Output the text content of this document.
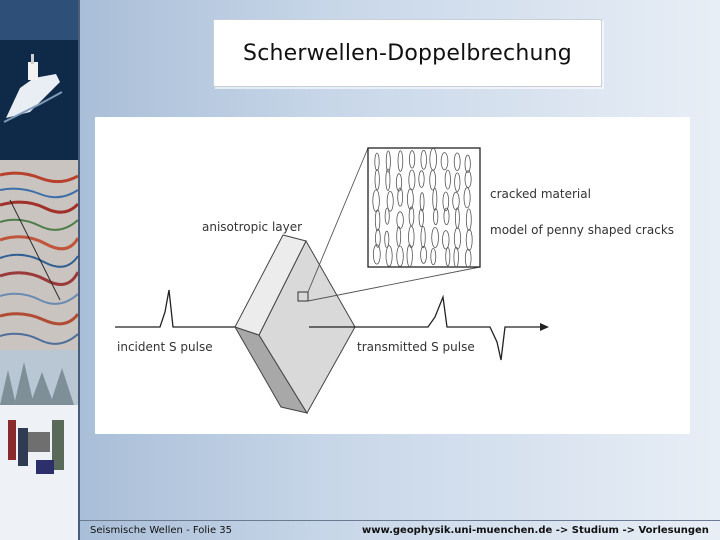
Scherwellen-Doppelbrechung
cracked material
model of penny shaped cracks
anisotropic layer
incident S pulse	transmitted S pulse
Seismische Wellen - Folie 35	www.geophysik.uni-muenchen.de -> Studium -> Vorlesungen
